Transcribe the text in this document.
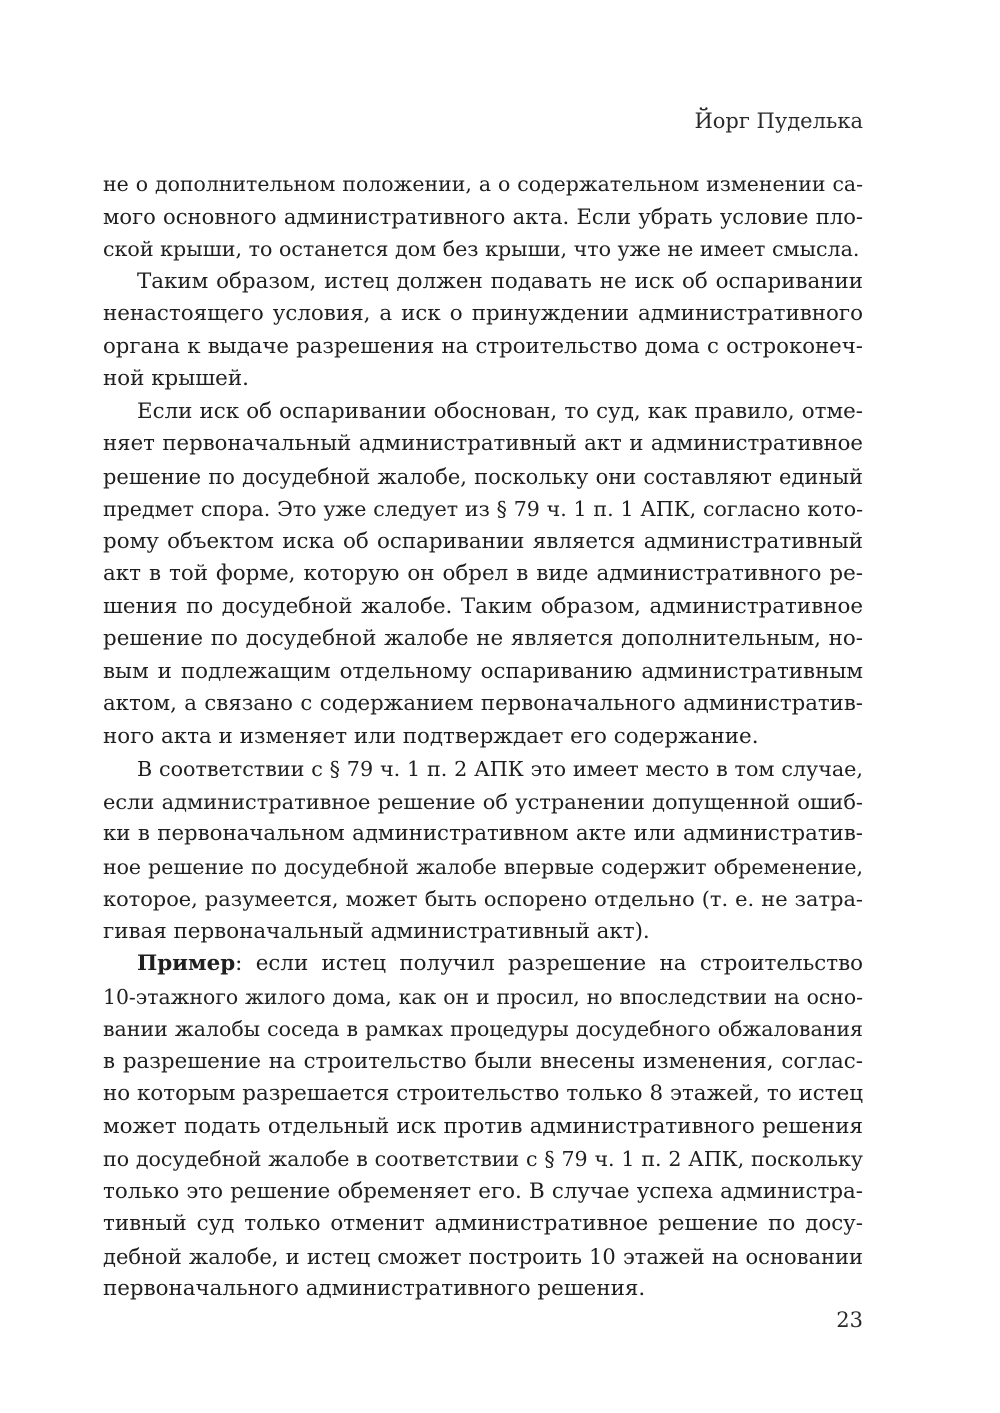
Йорг Пуделька
не о дополнительном положении, а о содержательном изменении са-
мого основного административного акта. Если убрать условие пло-
ской крыши, то останется дом без крыши, что уже не имеет смысла.
Таким образом, истец должен подавать не иск об оспаривании
ненастоящего условия, а иск о принуждении административного
органа к выдаче разрешения на строительство дома с остроконеч-
ной крышей.
Если иск об оспаривании обоснован, то суд, как правило, отме-
няет первоначальный административный акт и административное
решение по досудебной жалобе, поскольку они составляют единый
предмет спора. Это уже следует из § 79 ч. 1 п. 1 АПК, согласно кото-
рому объектом иска об оспаривании является административный
акт в той форме, которую он обрел в виде административного ре-
шения по досудебной жалобе. Таким образом, административное
решение по досудебной жалобе не является дополнительным, но-
вым и подлежащим отдельному оспариванию административным
актом, а связано с содержанием первоначального административ-
ного акта и изменяет или подтверждает его содержание.
В соответствии с § 79 ч. 1 п. 2 АПК это имеет место в том случае,
если административное решение об устранении допущенной ошиб-
ки в первоначальном административном акте или административ-
ное решение по досудебной жалобе впервые содержит обременение,
которое, разумеется, может быть оспорено отдельно (т. е. не затра-
гивая первоначальный административный акт).
Пример: если истец получил разрешение на строительство
10-этажного жилого дома, как он и просил, но впоследствии на осно-
вании жалобы соседа в рамках процедуры досудебного обжалования
в разрешение на строительство были внесены изменения, соглас-
но которым разрешается строительство только 8 этажей, то истец
может подать отдельный иск против административного решения
по досудебной жалобе в соответствии с § 79 ч. 1 п. 2 АПК, поскольку
только это решение обременяет его. В случае успеха администра-
тивный суд только отменит административное решение по досу-
дебной жалобе, и истец сможет построить 10 этажей на основании
первоначального административного решения.
23
